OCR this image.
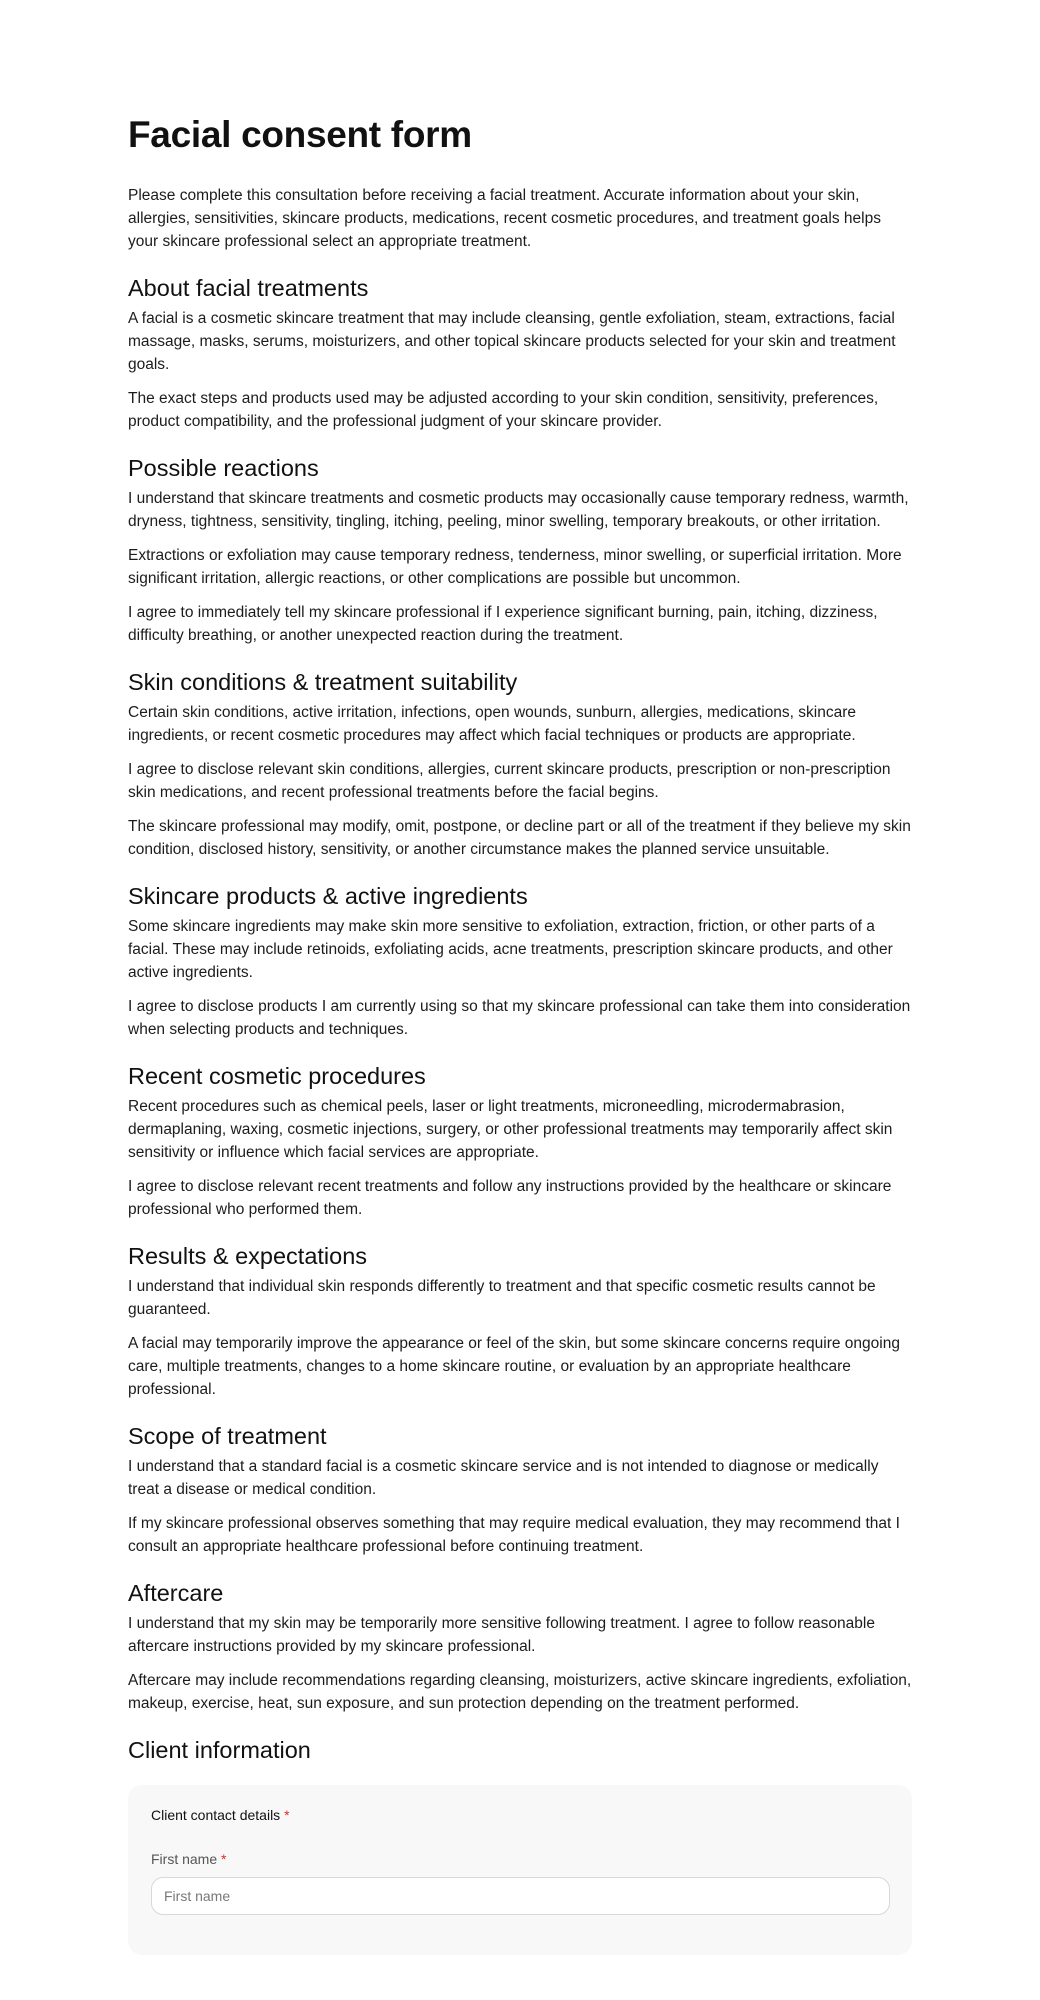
Facial consent form

Please complete this consultation before receiving a facial treatment. Accurate information about your skin, allergies, sensitivities, skincare products, medications, recent cosmetic procedures, and treatment goals helps your skincare professional select an appropriate treatment.

About facial treatments

A facial is a cosmetic skincare treatment that may include cleansing, gentle exfoliation, steam, extractions, facial massage, masks, serums, moisturizers, and other topical skincare products selected for your skin and treatment goals.

The exact steps and products used may be adjusted according to your skin condition, sensitivity, preferences, product compatibility, and the professional judgment of your skincare provider.

Possible reactions

I understand that skincare treatments and cosmetic products may occasionally cause temporary redness, warmth, dryness, tightness, sensitivity, tingling, itching, peeling, minor swelling, temporary breakouts, or other irritation.

Extractions or exfoliation may cause temporary redness, tenderness, minor swelling, or superficial irritation. More significant irritation, allergic reactions, or other complications are possible but uncommon.

I agree to immediately tell my skincare professional if I experience significant burning, pain, itching, dizziness, difficulty breathing, or another unexpected reaction during the treatment.

Skin conditions & treatment suitability

Certain skin conditions, active irritation, infections, open wounds, sunburn, allergies, medications, skincare ingredients, or recent cosmetic procedures may affect which facial techniques or products are appropriate.

I agree to disclose relevant skin conditions, allergies, current skincare products, prescription or non-prescription skin medications, and recent professional treatments before the facial begins.

The skincare professional may modify, omit, postpone, or decline part or all of the treatment if they believe my skin condition, disclosed history, sensitivity, or another circumstance makes the planned service unsuitable.

Skincare products & active ingredients

Some skincare ingredients may make skin more sensitive to exfoliation, extraction, friction, or other parts of a facial. These may include retinoids, exfoliating acids, acne treatments, prescription skincare products, and other active ingredients.

I agree to disclose products I am currently using so that my skincare professional can take them into consideration when selecting products and techniques.

Recent cosmetic procedures

Recent procedures such as chemical peels, laser or light treatments, microneedling, microdermabrasion, dermaplaning, waxing, cosmetic injections, surgery, or other professional treatments may temporarily affect skin sensitivity or influence which facial services are appropriate.

I agree to disclose relevant recent treatments and follow any instructions provided by the healthcare or skincare professional who performed them.

Results & expectations

I understand that individual skin responds differently to treatment and that specific cosmetic results cannot be guaranteed.

A facial may temporarily improve the appearance or feel of the skin, but some skincare concerns require ongoing care, multiple treatments, changes to a home skincare routine, or evaluation by an appropriate healthcare professional.

Scope of treatment

I understand that a standard facial is a cosmetic skincare service and is not intended to diagnose or medically treat a disease or medical condition.

If my skincare professional observes something that may require medical evaluation, they may recommend that I consult an appropriate healthcare professional before continuing treatment.

Aftercare

I understand that my skin may be temporarily more sensitive following treatment. I agree to follow reasonable aftercare instructions provided by my skincare professional.

Aftercare may include recommendations regarding cleansing, moisturizers, active skincare ingredients, exfoliation, makeup, exercise, heat, sun exposure, and sun protection depending on the treatment performed.

Client information
Client contact details *
First name *
First name
